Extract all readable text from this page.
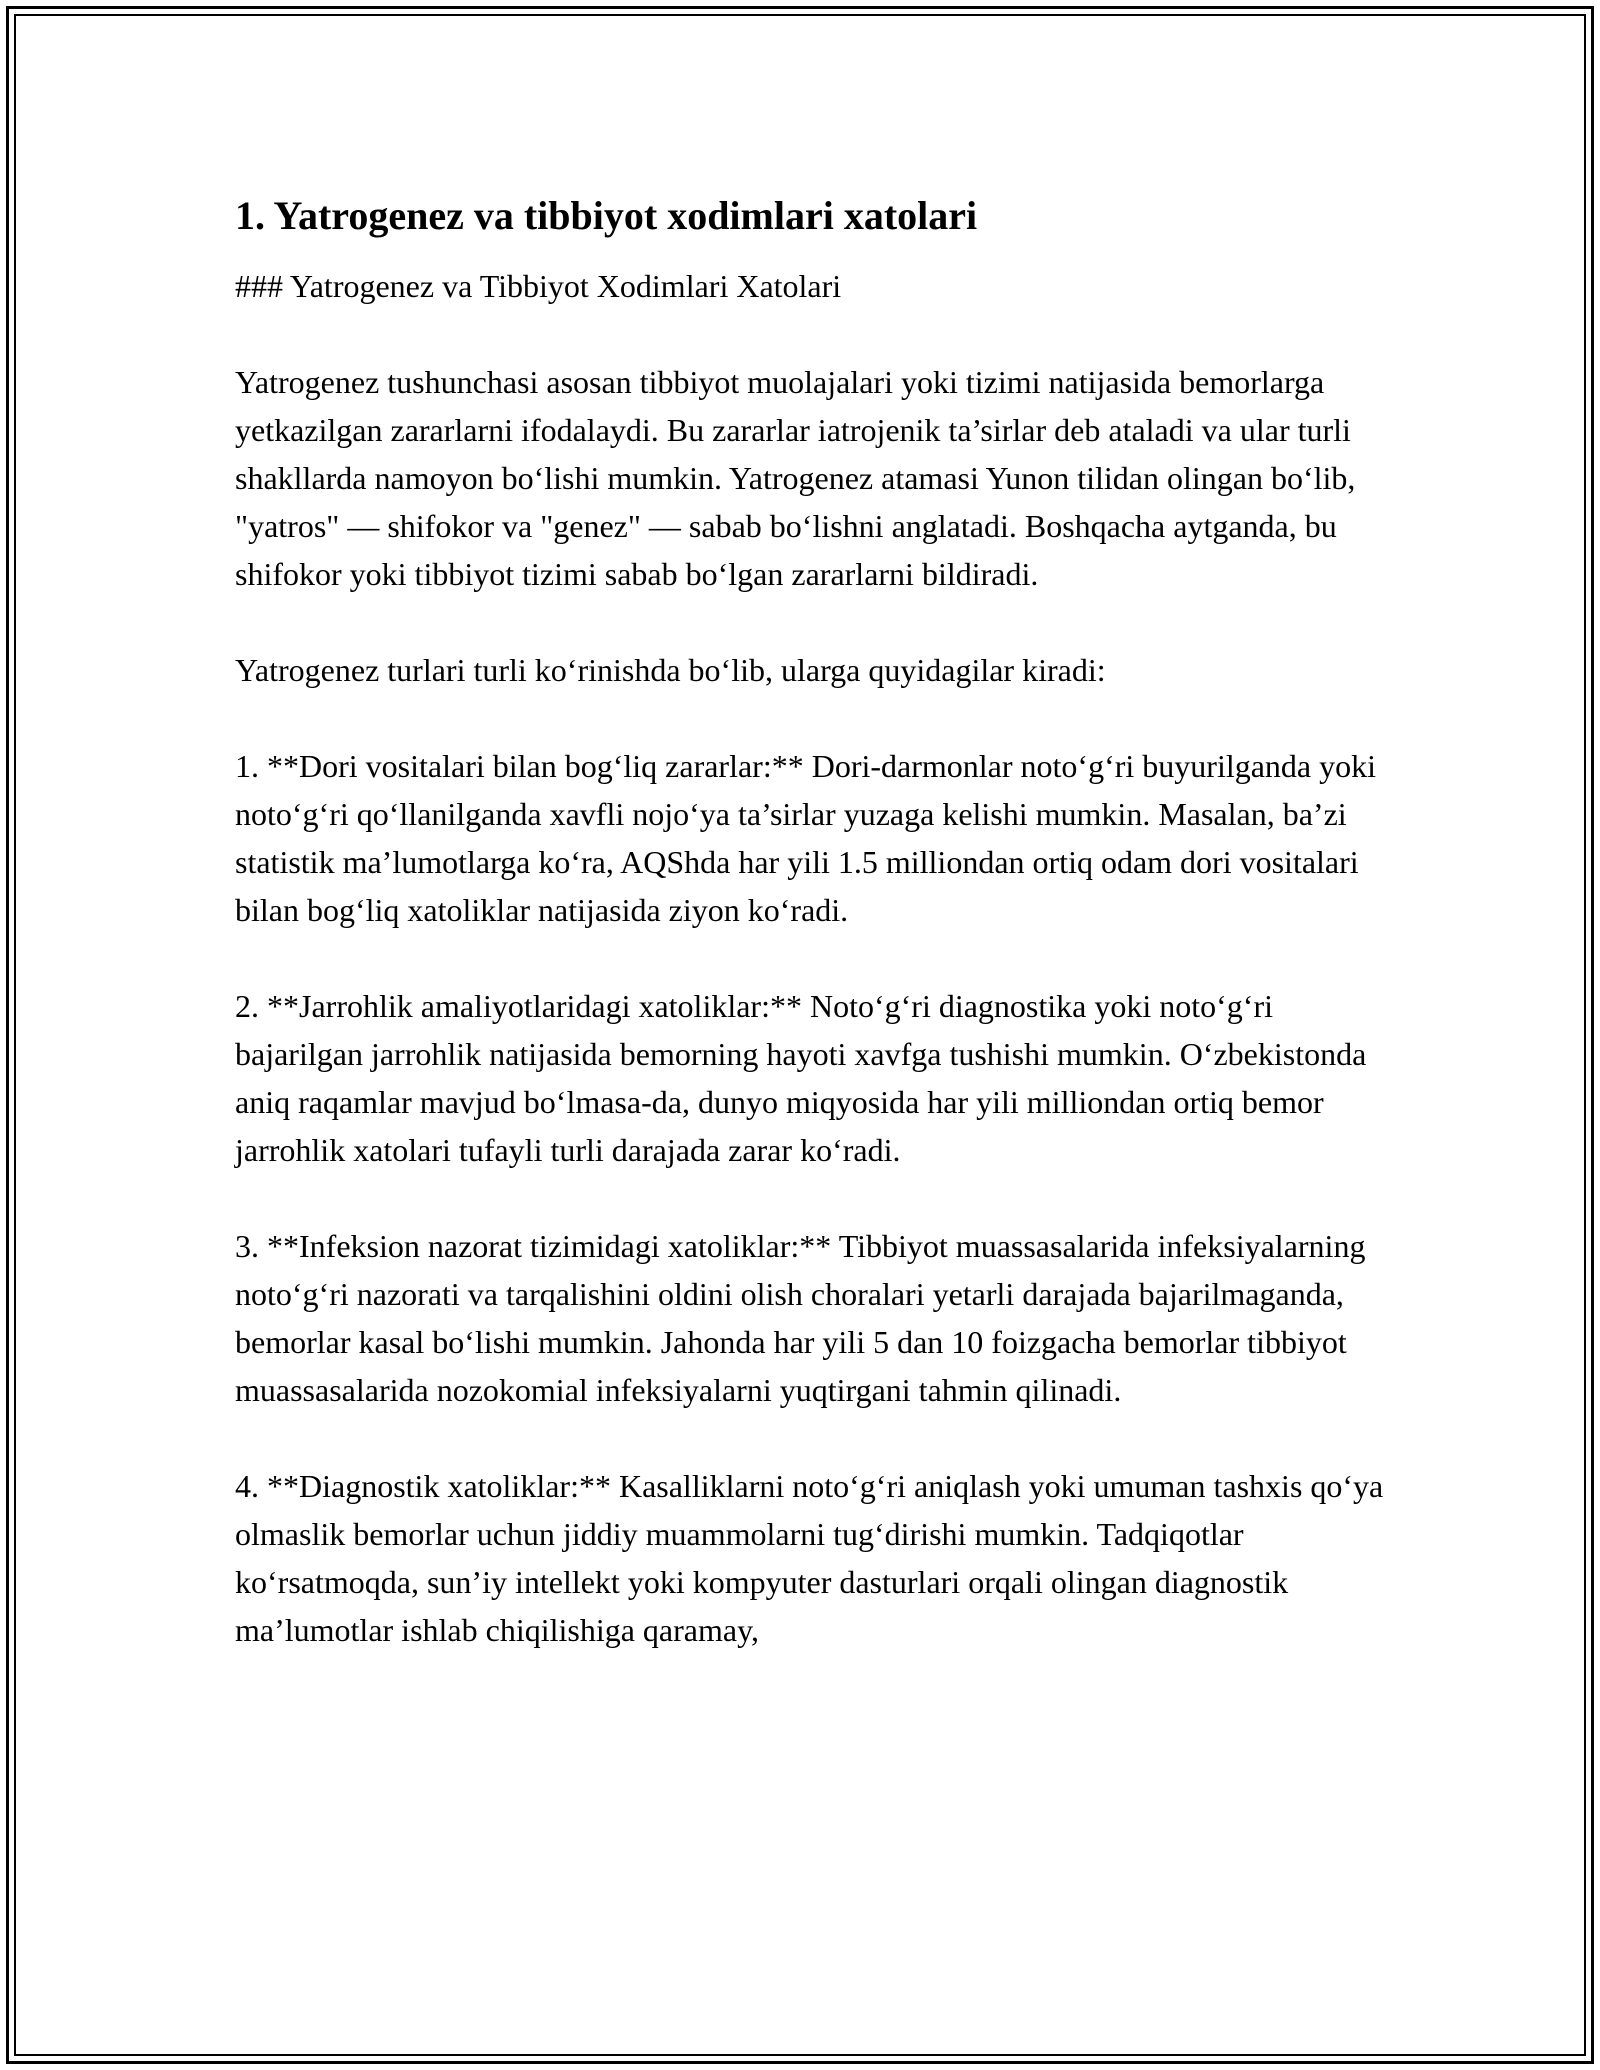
1. Yatrogenez va tibbiyot xodimlari xatolari

### Yatrogenez va Tibbiyot Xodimlari Xatolari

Yatrogenez tushunchasi asosan tibbiyot muolajalari yoki tizimi natijasida bemorlarga yetkazilgan zararlarni ifodalaydi. Bu zararlar iatrojenik ta’sirlar deb ataladi va ular turli shakllarda namoyon bo‘lishi mumkin. Yatrogenez atamasi Yunon tilidan olingan bo‘lib, "yatros" — shifokor va "genez" — sabab bo‘lishni anglatadi. Boshqacha aytganda, bu shifokor yoki tibbiyot tizimi sabab bo‘lgan zararlarni bildiradi.

Yatrogenez turlari turli ko‘rinishda bo‘lib, ularga quyidagilar kiradi:

1. **Dori vositalari bilan bog‘liq zararlar:** Dori-darmonlar noto‘g‘ri buyurilganda yoki noto‘g‘ri qo‘llanilganda xavfli nojo‘ya ta’sirlar yuzaga kelishi mumkin. Masalan, ba’zi statistik ma’lumotlarga ko‘ra, AQShda har yili 1.5 milliondan ortiq odam dori vositalari bilan bog‘liq xatoliklar natijasida ziyon ko‘radi.

2. **Jarrohlik amaliyotlaridagi xatoliklar:** Noto‘g‘ri diagnostika yoki noto‘g‘ri bajarilgan jarrohlik natijasida bemorning hayoti xavfga tushishi mumkin. O‘zbekistonda aniq raqamlar mavjud bo‘lmasa-da, dunyo miqyosida har yili milliondan ortiq bemor jarrohlik xatolari tufayli turli darajada zarar ko‘radi.

3. **Infeksion nazorat tizimidagi xatoliklar:** Tibbiyot muassasalarida infeksiyalarning noto‘g‘ri nazorati va tarqalishini oldini olish choralari yetarli darajada bajarilmaganda, bemorlar kasal bo‘lishi mumkin. Jahonda har yili 5 dan 10 foizgacha bemorlar tibbiyot muassasalarida nozokomial infeksiyalarni yuqtirgani tahmin qilinadi.

4. **Diagnostik xatoliklar:** Kasalliklarni noto‘g‘ri aniqlash yoki umuman tashxis qo‘ya olmaslik bemorlar uchun jiddiy muammolarni tug‘dirishi mumkin. Tadqiqotlar ko‘rsatmoqda, sun’iy intellekt yoki kompyuter dasturlari orqali olingan diagnostik ma’lumotlar ishlab chiqilishiga qaramay,
